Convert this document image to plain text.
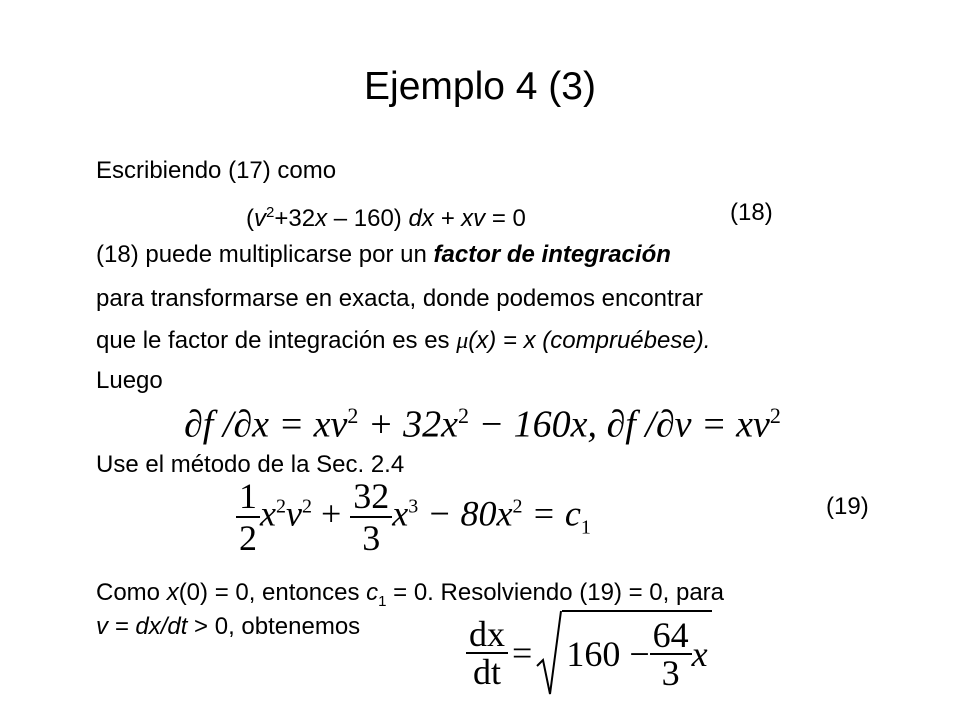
Ejemplo 4 (3)
Escribiendo (17) como
$(v^2+32x - 160)$ dx + xv = 0	(18)
(18) puede multiplicarse por un factor de integración
para transformarse en exacta, donde podemos encontrar
que le factor de integración es es μ(x) = x (compruébese).
Luego
∂f $/\partial x = xv^2 + 32x^2 - 160x$, ∂f $/\partial v = xv^2$
Use el método de la Sec. 2.4
$\frac{1}{2} x^2v^2 + \frac{32}{3} x^3 - 80x^2 = c_1$
(19)
Como x(0) = 0, entonces $c_1 = 0$. Resolviendo (19) = 0, para
v = dx/dt > 0, obtenemos	$\frac{dx}{dt} = 160 - \frac{64}{3}$ x
